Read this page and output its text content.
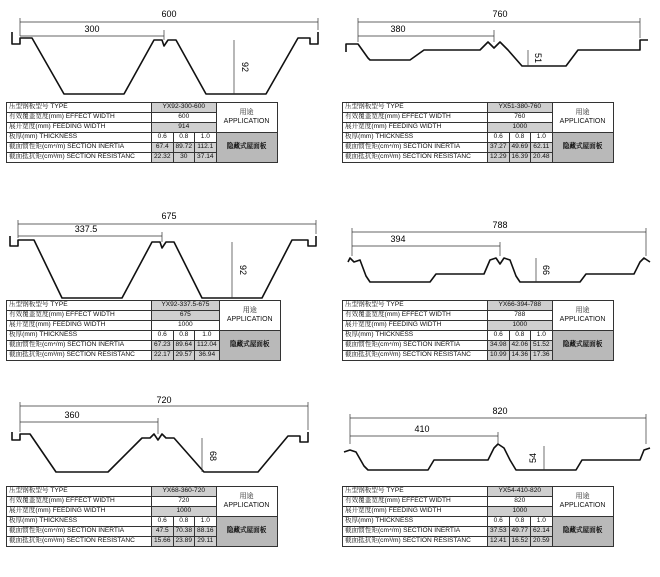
600
300
92
压型钢板型号 TYPE	YX92-300-600			用途
APPLICATION
有效覆盖宽度(mm) EFFECT WIDTH	600			
展开宽度(mm) FEEDING WIDTH	914			
板厚(mm) THICKNESS	0.6	0.8	1.0	隐藏式屋面板
截面惯性矩(cm⁴/m) SECTION INERTIA	67.4	89.72	112.1	
截面抵抗矩(cm³/m) SECTION RESISTANC	22.32	30	37.14	
760
380
51
压型钢板型号 TYPE	YX51-380-760			用途
APPLICATION
有效覆盖宽度(mm) EFFECT WIDTH	760			
展开宽度(mm) FEEDING WIDTH	1000			
板厚(mm) THICKNESS	0.6	0.8	1.0	隐藏式屋面板
截面惯性矩(cm⁴/m) SECTION INERTIA	37.27	49.69	62.11	
截面抵抗矩(cm³/m) SECTION RESISTANC	12.29	16.39	20.48	
675
337.5
92
压型钢板型号 TYPE	YX92-337.5-675			用途
APPLICATION
有效覆盖宽度(mm) EFFECT WIDTH	675			
展开宽度(mm) FEEDING WIDTH	1000			
板厚(mm) THICKNESS	0.6	0.8	1.0	隐藏式屋面板
截面惯性矩(cm⁴/m) SECTION INERTIA	67.23	89.64	112.04	
截面抵抗矩(cm³/m) SECTION RESISTANC	22.17	29.57	36.94	
788
394
66
压型钢板型号 TYPE	YX66-394-788			用途
APPLICATION
有效覆盖宽度(mm) EFFECT WIDTH	788			
展开宽度(mm) FEEDING WIDTH	1000			
板厚(mm) THICKNESS	0.6	0.8	1.0	隐藏式屋面板
截面惯性矩(cm⁴/m) SECTION INERTIA	34.98	42.06	51.52	
截面抵抗矩(cm³/m) SECTION RESISTANC	10.99	14.36	17.36	
720
360
68
压型钢板型号 TYPE	YX68-360-720			用途
APPLICATION
有效覆盖宽度(mm) EFFECT WIDTH	720			
展开宽度(mm) FEEDING WIDTH	1000			
板厚(mm) THICKNESS	0.6	0.8	1.0	隐藏式屋面板
截面惯性矩(cm⁴/m) SECTION INERTIA	47.5	70.38	88.16	
截面抵抗矩(cm³/m) SECTION RESISTANC	15.66	23.89	29.11	
820
410
54
压型钢板型号 TYPE	YX54-410-820			用途
APPLICATION
有效覆盖宽度(mm) EFFECT WIDTH	820			
展开宽度(mm) FEEDING WIDTH	1000			
板厚(mm) THICKNESS	0.6	0.8	1.0	隐藏式屋面板
截面惯性矩(cm⁴/m) SECTION INERTIA	37.53	49.77	62.14	
截面抵抗矩(cm³/m) SECTION RESISTANC	12.41	16.52	20.59	
